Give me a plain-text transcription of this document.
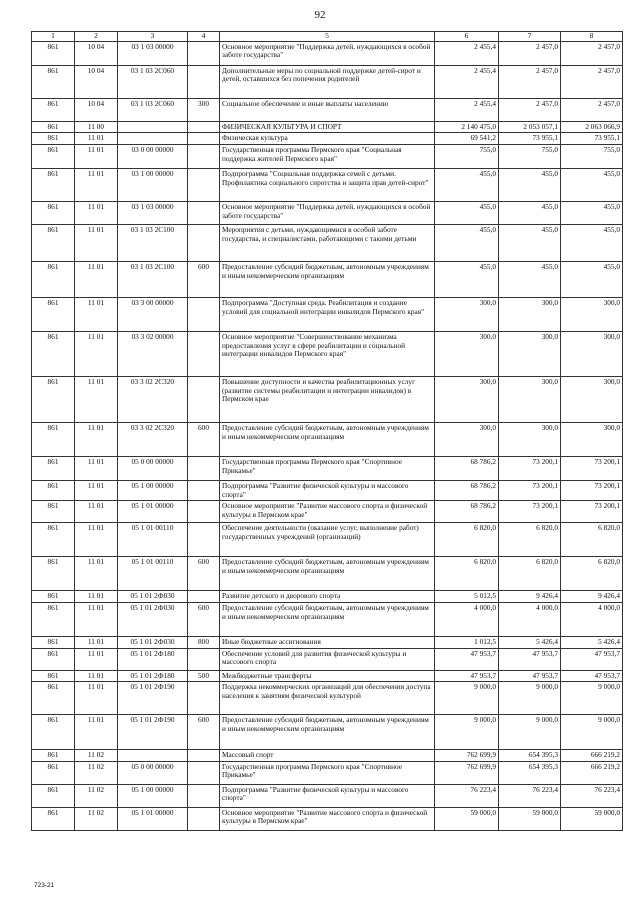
92
1	2	3	4	5	6	7	8
861	10 04	03 1 03 00000		Основное мероприятие "Поддержка детей, нуждающихся в особой заботе государства"	2 455,4	2 457,0	2 457,0
861	10 04	03 1 03 2С060		Дополнительные меры по социальной поддержке детей-сирот и детей, оставшихся без попечения родителей	2 455,4	2 457,0	2 457,0
861	10 04	03 1 03 2С060	300	Социальное обеспечение и иные выплаты населению	2 455,4	2 457,0	2 457,0
861	11 00			ФИЗИЧЕСКАЯ КУЛЬТУРА И СПОРТ	2 140 475,0	2 053 057,1	2 063 066,9
861	11 01			Физическая культура	69 541,2	73 955,1	73 955,1
861	11 01	03 0 00 00000		Государственная программа Пермского края "Социальная поддержка жителей Пермского края"	755,0	755,0	755,0
861	11 01	03 1 00 00000		Подпрограмма "Социальная поддержка семей с детьми. Профилактика социального сиротства и защита прав детей-сирот"	455,0	455,0	455,0
861	11 01	03 1 03 00000		Основное мероприятие "Поддержка детей, нуждающихся в особой заботе государства"	455,0	455,0	455,0
861	11 01	03 1 03 2С100		Мероприятия с детьми, нуждающимися в особой заботе государства, и специалистами, работающими с такими детьми	455,0	455,0	455,0
861	11 01	03 1 03 2С100	600	Предоставление субсидий бюджетным, автономным учреждениям и иным некоммерческим организациям	455,0	455,0	455,0
861	11 01	03 3 00 00000		Подпрограмма "Доступная среда. Реабилитация и создание условий для социальной интеграции инвалидов Пермского края"	300,0	300,0	300,0
861	11 01	03 3 02 00000		Основное мероприятие "Совершенствование механизма предоставления услуг в сфере реабилитации и социальной интеграции инвалидов Пермского края"	300,0	300,0	300,0
861	11 01	03 3 02 2С320		Повышение доступности и качества реабилитационных услуг (развитие системы реабилитации и интеграции инвалидов) в Пермском крае	300,0	300,0	300,0
861	11 01	03 3 02 2С320	600	Предоставление субсидий бюджетным, автономным учреждениям и иным некоммерческим организациям	300,0	300,0	300,0
861	11 01	05 0 00 00000		Государственная программа Пермского края "Спортивное Прикамье"	68 786,2	73 200,1	73 200,1
861	11 01	05 1 00 00000		Подпрограмма "Развитие физической культуры и массового спорта"	68 786,2	73 200,1	73 200,1
861	11 01	05 1 01 00000		Основное мероприятие "Развитие массового спорта и физической культуры в Пермском крае"	68 786,2	73 200,1	73 200,1
861	11 01	05 1 01 00110		Обеспечение деятельности (оказание услуг, выполнение работ) государственных учреждений (организаций)	6 820,0	6 820,0	6 820,0
861	11 01	05 1 01 00110	600	Предоставление субсидий бюджетным, автономным учреждениям и иным некоммерческим организациям	6 820,0	6 820,0	6 820,0
861	11 01	05 1 01 2Ф030		Развитие детского и дворового спорта	5 012,5	9 426,4	9 426,4
861	11 01	05 1 01 2Ф030	600	Предоставление субсидий бюджетным, автономным учреждениям и иным некоммерческим организациям	4 000,0	4 000,0	4 000,0
861	11 01	05 1 01 2Ф030	800	Иные бюджетные ассигнования	1 012,5	5 426,4	5 426,4
861	11 01	05 1 01 2Ф180		Обеспечение условий для развития физической культуры и массового спорта	47 953,7	47 953,7	47 953,7
861	11 01	05 1 01 2Ф180	500	Межбюджетные трансферты	47 953,7	47 953,7	47 953,7
861	11 01	05 1 01 2Ф190		Поддержка некоммерческих организаций для обеспечения доступа населения к занятиям физической культурой	9 000,0	9 000,0	9 000,0
861	11 01	05 1 01 2Ф190	600	Предоставление субсидий бюджетным, автономным учреждениям и иным некоммерческим организациям	9 000,0	9 000,0	9 000,0
861	11 02			Массовый спорт	762 699,9	654 395,3	666 219,2
861	11 02	05 0 00 00000		Государственная программа Пермского края "Спортивное Прикамье"	762 699,9	654 395,3	666 219,2
861	11 02	05 1 00 00000		Подпрограмма "Развитие физической культуры и массового спорта"	76 223,4	76 223,4	76 223,4
861	11 02	05 1 01 00000		Основное мероприятие "Развитие массового спорта и физической культуры в Пермском крае"	59 000,0	59 000,0	59 000,0
723-21
